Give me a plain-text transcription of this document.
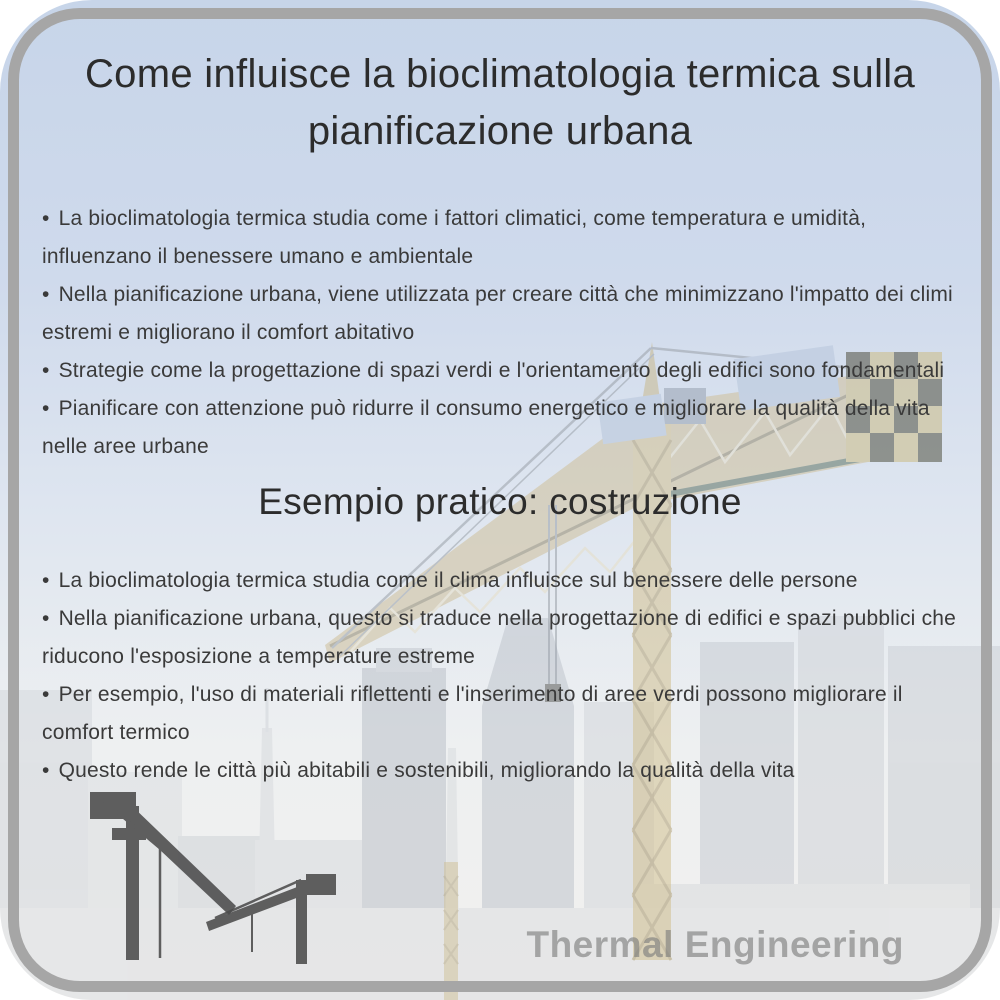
Come influisce la bioclimatologia termica sulla
pianificazione urbana
• La bioclimatologia termica studia come i fattori climatici, come temperatura e umidità, influenzano il benessere umano e ambientale
• Nella pianificazione urbana, viene utilizzata per creare città che minimizzano l'impatto dei climi estremi e migliorano il comfort abitativo
• Strategie come la progettazione di spazi verdi e l'orientamento degli edifici sono fondamentali
• Pianificare con attenzione può ridurre il consumo energetico e migliorare la qualità della vita nelle aree urbane
Esempio pratico: costruzione
• La bioclimatologia termica studia come il clima influisce sul benessere delle persone
• Nella pianificazione urbana, questo si traduce nella progettazione di edifici e spazi pubblici che riducono l'esposizione a temperature estreme
• Per esempio, l'uso di materiali riflettenti e l'inserimento di aree verdi possono migliorare il comfort termico
• Questo rende le città più abitabili e sostenibili, migliorando la qualità della vita
Thermal Engineering
